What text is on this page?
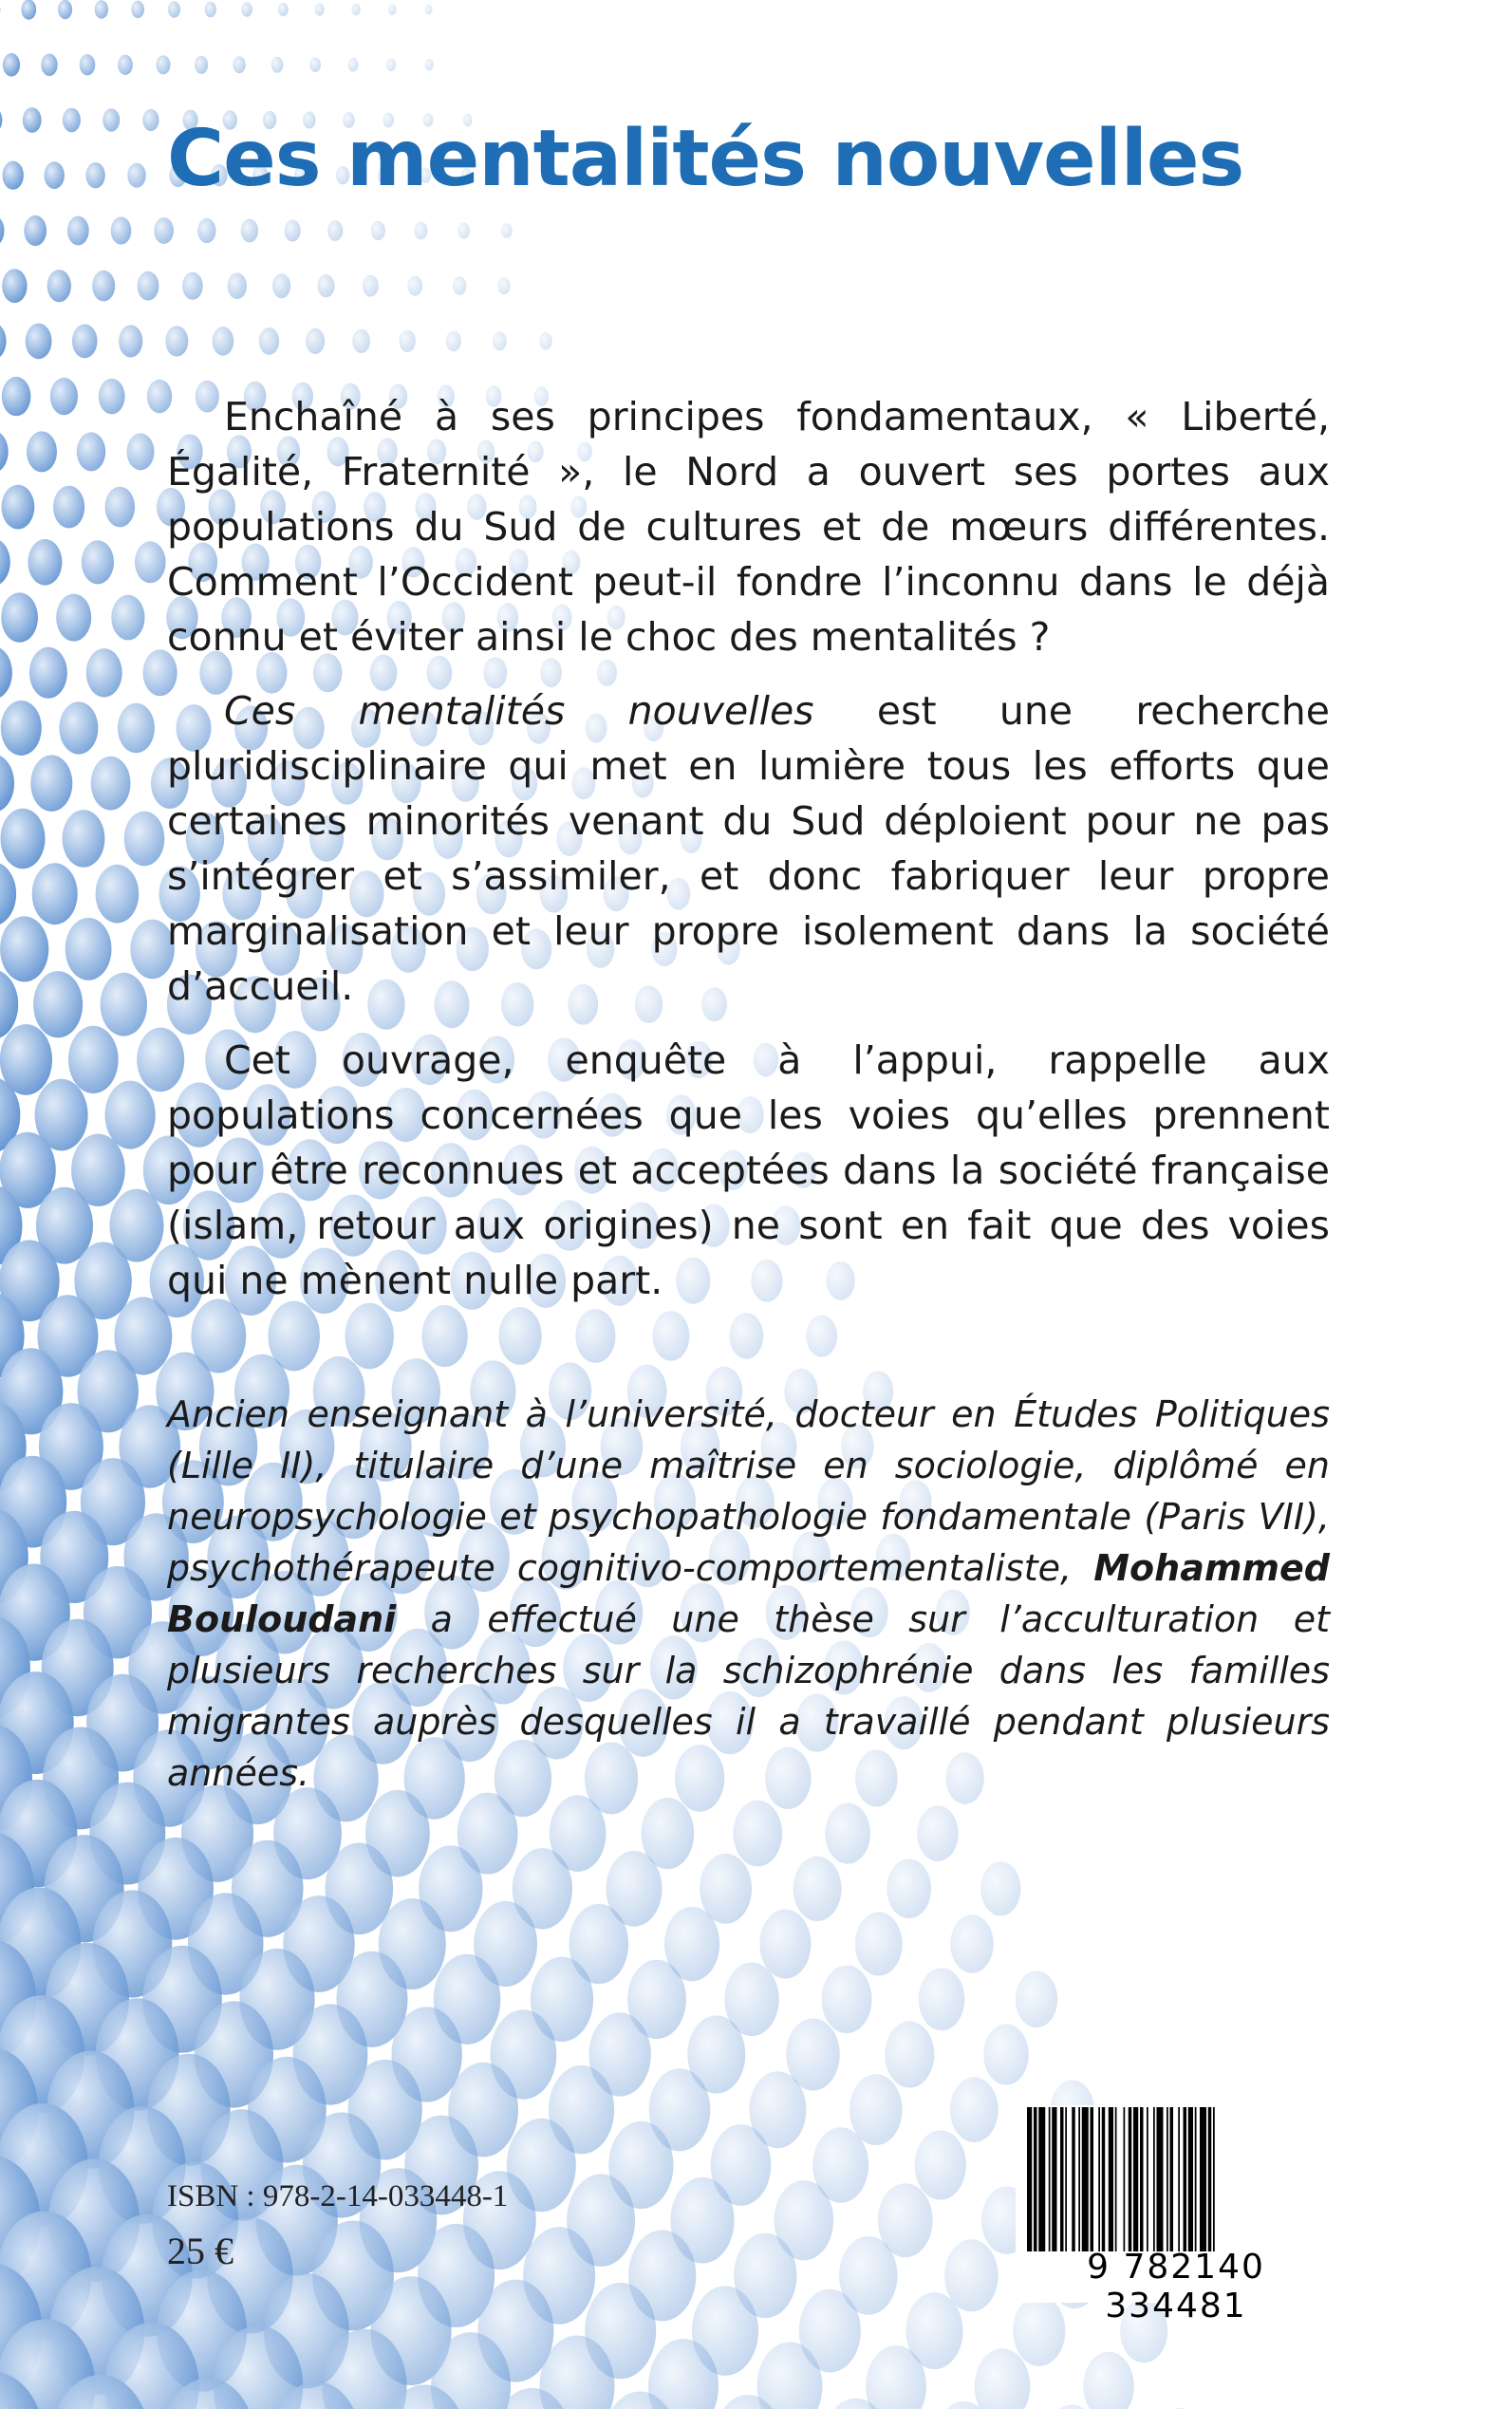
Ces mentalités nouvelles

Enchaîné à ses principes fondamentaux, « Liberté, Égalité, Fraternité », le Nord a ouvert ses portes aux populations du Sud de cultures et de mœurs différentes. Comment l’Occident peut-il fondre l’inconnu dans le déjà connu et éviter ainsi le choc des mentalités ?

Ces mentalités nouvelles est une recherche pluridisciplinaire qui met en lumière tous les efforts que certaines minorités venant du Sud déploient pour ne pas s’intégrer et s’assimiler, et donc fabriquer leur propre marginalisation et leur propre isolement dans la société d’accueil.

Cet ouvrage, enquête à l’appui, rappelle aux populations concernées que les voies qu’elles prennent pour être reconnues et acceptées dans la société française (islam, retour aux origines) ne sont en fait que des voies qui ne mènent nulle part.

Ancien enseignant à l’université, docteur en Études Politiques (Lille II), titulaire d’une maîtrise en sociologie, diplômé en neuropsychologie et psychopathologie fondamentale (Paris VII), psychothérapeute cognitivo-comportementaliste, Mohammed Bouloudani a effectué une thèse sur l’acculturation et plusieurs recherches sur la schizophrénie dans les familles migrantes auprès desquelles il a travaillé pendant plusieurs années.
ISBN : 978-2-14-033448-1
25 €	9 782140 334481
